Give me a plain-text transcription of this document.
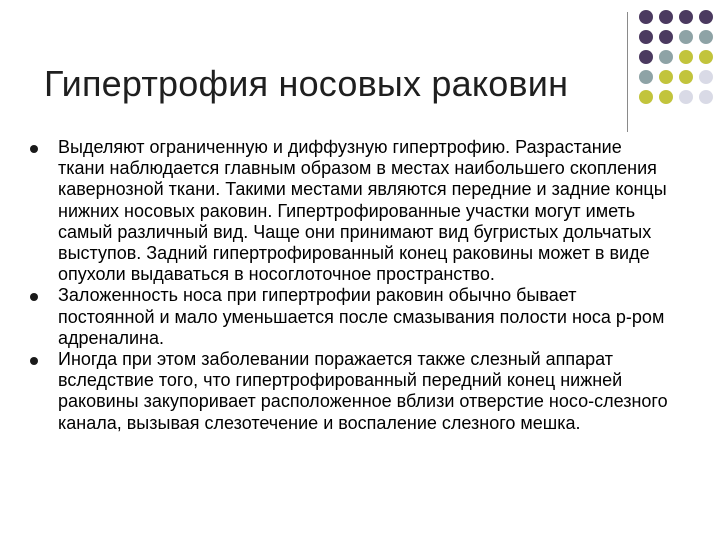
Гипертрофия носовых раковин
Выделяют ограниченную и диффузную гипертрофию. Разрастание ткани наблюдается главным образом в местах наибольшего скопления кавернозной ткани. Такими местами являются передние и задние концы нижних носовых раковин. Гипертрофированные участки могут иметь самый различный вид. Чаще они принимают вид бугристых дольчатых выступов. Задний гипертрофированный конец раковины может в виде опухоли выдаваться в носоглоточное пространство.
Заложенность носа при гипертрофии раковин обычно бывает постоянной и мало уменьшается после смазывания полости носа р-ром адреналина.
Иногда при этом заболевании поражается также слезный аппарат вследствие того, что гипертрофированный передний конец нижней раковины закупоривает расположенное вблизи отверстие носо-слезного канала, вызывая слезотечение и воспаление слезного мешка.
